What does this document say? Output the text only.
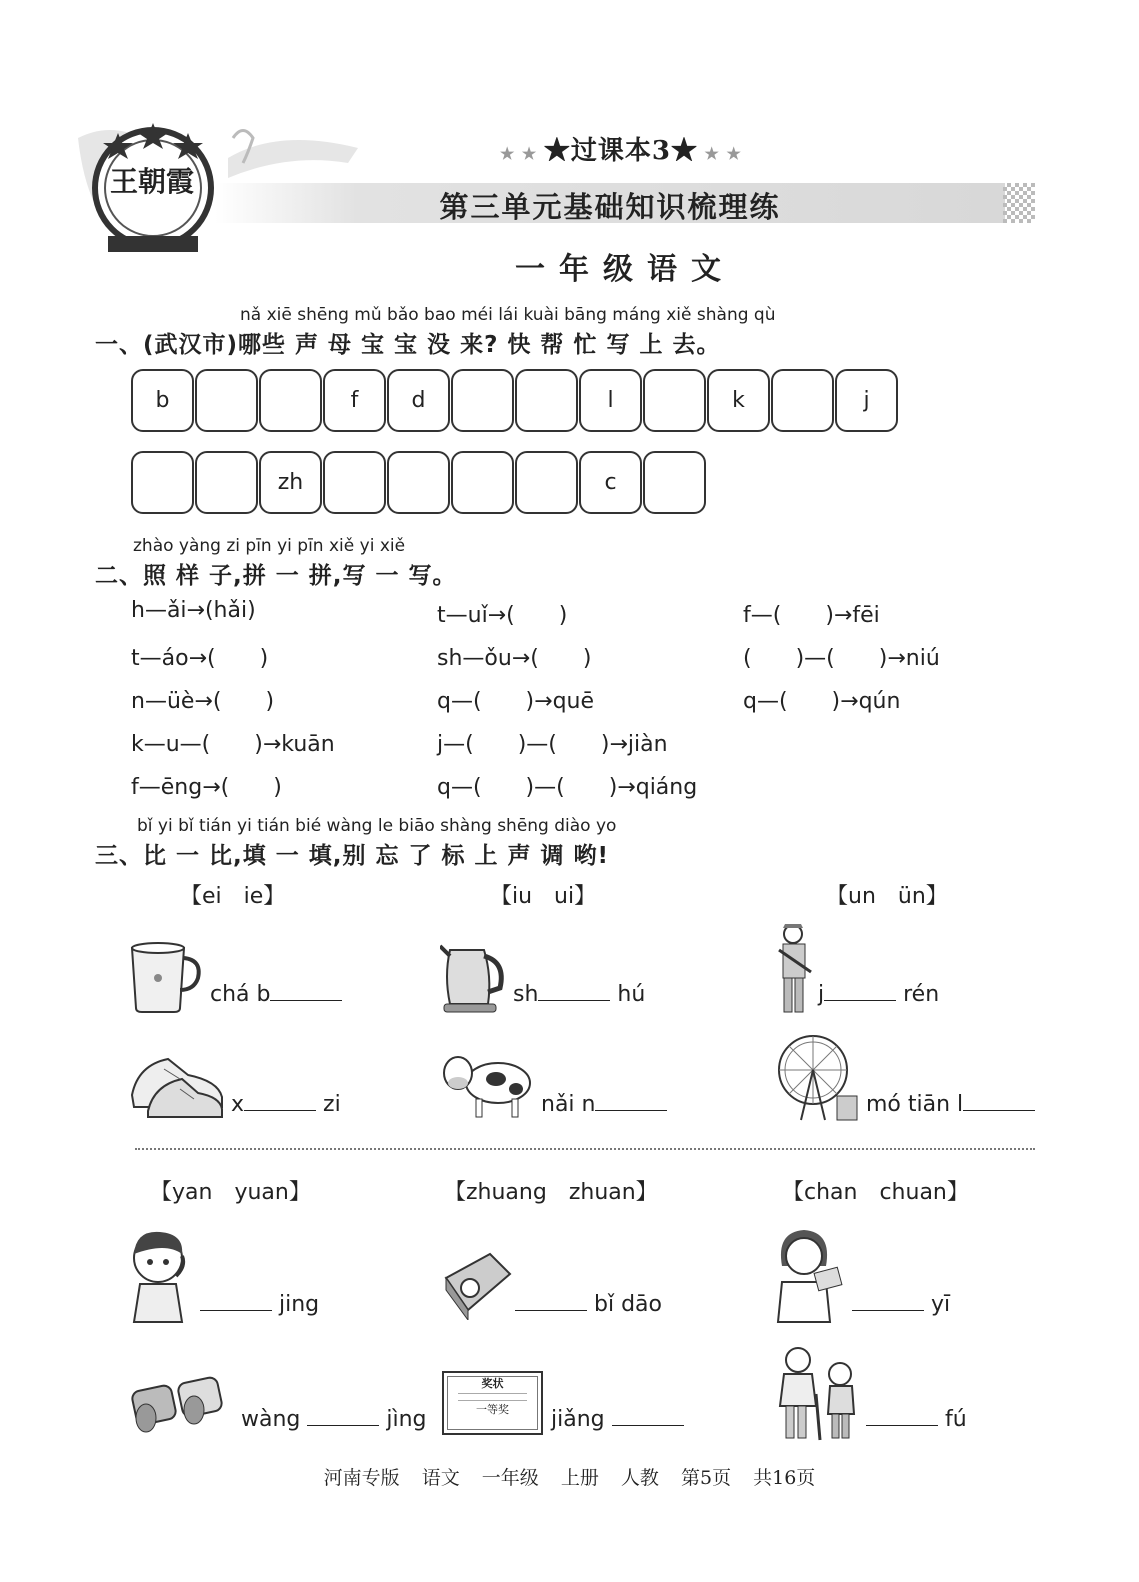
王朝霞
★ ★ ★过课本3★ ★ ★
第三单元基础知识梳理练
一年级语文
nǎ xiē shēng mǔ bǎo bao méi lái kuài bāng máng xiě shàng qù
一、(武汉市)哪些 声 母 宝 宝 没 来? 快 帮 忙 写 上 去。
b	f	d	l	k	j
zh	c
zhào yàng zi pīn yi pīn xiě yi xiě
二、照 样 子,拼 一 拼,写 一 写。
h—ǎi→(hǎi)	t—uǐ→(　　)	f—(　　)→fēi
t—áo→(　　)	sh—ǒu→(　　)	(　　)—(　　)→niú
n—üè→(　　)	q—(　　)→quē	q—(　　)→qún
k—u—(　　)→kuān	j—(　　)—(　　)→jiàn
f—ēng→(　　)	q—(　　)—(　　)→qiáng
bǐ yi bǐ tián yi tián bié wàng le biāo shàng shēng diào yo
三、比 一 比,填 一 填,别 忘 了 标 上 声 调 哟!
【ei　ie】	【iu　ui】	【un　ün】
chá b	sh	hú	j	rén
x	zi	nǎi n	mó tiān l
【yan　yuan】	【zhuang　zhuan】	【chan　chuan】
jing	bǐ dāo	yī
wàng	jìng
奖状
一等奖	jiǎng	fú
河南专版 语文 一年级 上册 人教 第5页 共16页
